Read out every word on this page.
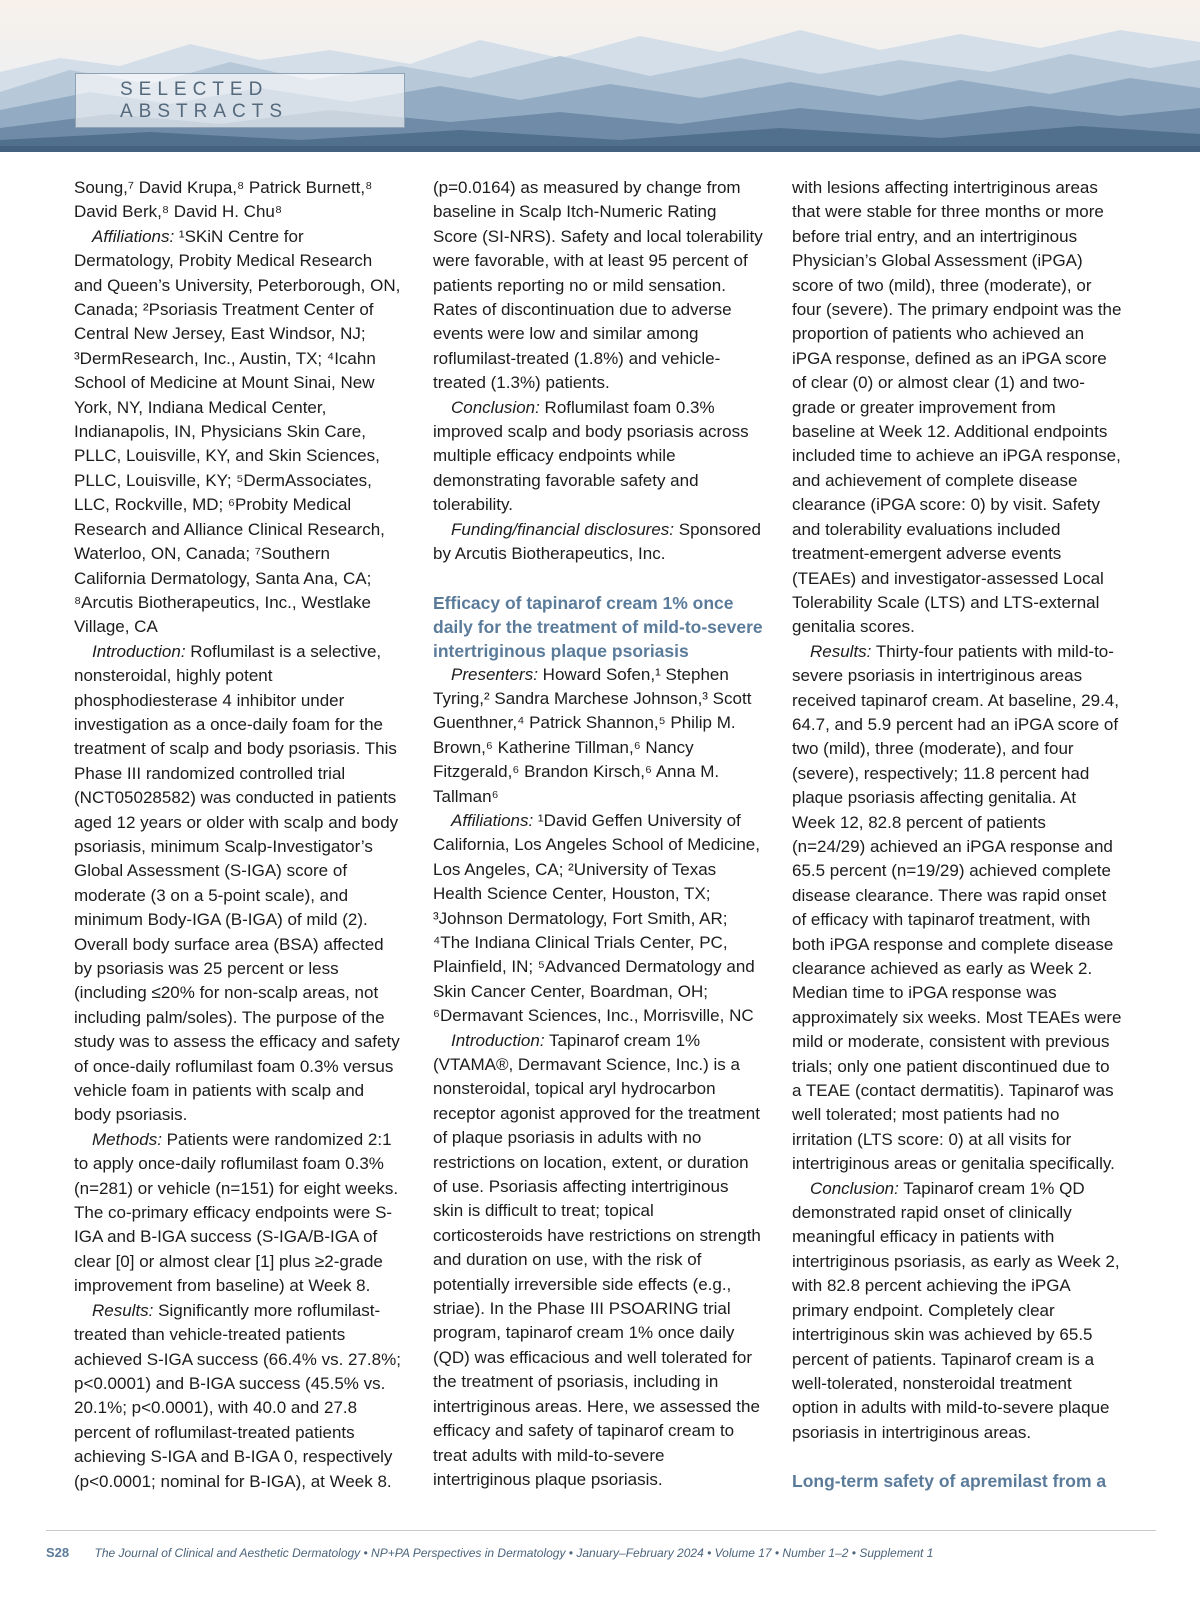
SELECTED ABSTRACTS

Soung,⁷ David Krupa,⁸ Patrick Burnett,⁸ David Berk,⁸ David H. Chu⁸

Affiliations: ¹SKiN Centre for Dermatology, Probity Medical Research and Queen’s University, Peterborough, ON, Canada; ²Psoriasis Treatment Center of Central New Jersey, East Windsor, NJ; ³DermResearch, Inc., Austin, TX; ⁴Icahn School of Medicine at Mount Sinai, New York, NY, Indiana Medical Center, Indianapolis, IN, Physicians Skin Care, PLLC, Louisville, KY, and Skin Sciences, PLLC, Louisville, KY; ⁵DermAssociates, LLC, Rockville, MD; ⁶Probity Medical Research and Alliance Clinical Research, Waterloo, ON, Canada; ⁷Southern California Dermatology, Santa Ana, CA; ⁸Arcutis Biotherapeutics, Inc., Westlake Village, CA

Introduction: Roflumilast is a selective, nonsteroidal, highly potent phosphodiesterase 4 inhibitor under investigation as a once-daily foam for the treatment of scalp and body psoriasis. This Phase III randomized controlled trial (NCT05028582) was conducted in patients aged 12 years or older with scalp and body psoriasis, minimum Scalp-Investigator’s Global Assessment (S-IGA) score of moderate (3 on a 5-point scale), and minimum Body-IGA (B-IGA) of mild (2). Overall body surface area (BSA) affected by psoriasis was 25 percent or less (including ≤20% for non-scalp areas, not including palm/soles). The purpose of the study was to assess the efficacy and safety of once-daily roflumilast foam 0.3% versus vehicle foam in patients with scalp and body psoriasis.

Methods: Patients were randomized 2:1 to apply once-daily roflumilast foam 0.3% (n=281) or vehicle (n=151) for eight weeks. The co-primary efficacy endpoints were S-IGA and B-IGA success (S-IGA/B-IGA of clear [0] or almost clear [1] plus ≥2-grade improvement from baseline) at Week 8.

Results: Significantly more roflumilast-treated than vehicle-treated patients achieved S-IGA success (66.4% vs. 27.8%; p<0.0001) and B-IGA success (45.5% vs. 20.1%; p<0.0001), with 40.0 and 27.8 percent of roflumilast-treated patients achieving S-IGA and B-IGA 0, respectively (p<0.0001; nominal for B-IGA), at Week 8.

(p=0.0164) as measured by change from baseline in Scalp Itch-Numeric Rating Score (SI-NRS). Safety and local tolerability were favorable, with at least 95 percent of patients reporting no or mild sensation. Rates of discontinuation due to adverse events were low and similar among roflumilast-treated (1.8%) and vehicle-treated (1.3%) patients.

Conclusion: Roflumilast foam 0.3% improved scalp and body psoriasis across multiple efficacy endpoints while demonstrating favorable safety and tolerability.

Funding/financial disclosures: Sponsored by Arcutis Biotherapeutics, Inc.

Efficacy of tapinarof cream 1% once daily for the treatment of mild-to-severe intertriginous plaque psoriasis

Presenters: Howard Sofen,¹ Stephen Tyring,² Sandra Marchese Johnson,³ Scott Guenthner,⁴ Patrick Shannon,⁵ Philip M. Brown,⁶ Katherine Tillman,⁶ Nancy Fitzgerald,⁶ Brandon Kirsch,⁶ Anna M. Tallman⁶

Affiliations: ¹David Geffen University of California, Los Angeles School of Medicine, Los Angeles, CA; ²University of Texas Health Science Center, Houston, TX; ³Johnson Dermatology, Fort Smith, AR; ⁴The Indiana Clinical Trials Center, PC, Plainfield, IN; ⁵Advanced Dermatology and Skin Cancer Center, Boardman, OH; ⁶Dermavant Sciences, Inc., Morrisville, NC

Introduction: Tapinarof cream 1% (VTAMA®, Dermavant Science, Inc.) is a nonsteroidal, topical aryl hydrocarbon receptor agonist approved for the treatment of plaque psoriasis in adults with no restrictions on location, extent, or duration of use. Psoriasis affecting intertriginous skin is difficult to treat; topical corticosteroids have restrictions on strength and duration on use, with the risk of potentially irreversible side effects (e.g., striae). In the Phase III PSOARING trial program, tapinarof cream 1% once daily (QD) was efficacious and well tolerated for the treatment of psoriasis, including in intertriginous areas. Here, we assessed the efficacy and safety of tapinarof cream to treat adults with mild-to-severe intertriginous plaque psoriasis.

with lesions affecting intertriginous areas that were stable for three months or more before trial entry, and an intertriginous Physician’s Global Assessment (iPGA) score of two (mild), three (moderate), or four (severe). The primary endpoint was the proportion of patients who achieved an iPGA response, defined as an iPGA score of clear (0) or almost clear (1) and two-grade or greater improvement from baseline at Week 12. Additional endpoints included time to achieve an iPGA response, and achievement of complete disease clearance (iPGA score: 0) by visit. Safety and tolerability evaluations included treatment-emergent adverse events (TEAEs) and investigator-assessed Local Tolerability Scale (LTS) and LTS-external genitalia scores.

Results: Thirty-four patients with mild-to-severe psoriasis in intertriginous areas received tapinarof cream. At baseline, 29.4, 64.7, and 5.9 percent had an iPGA score of two (mild), three (moderate), and four (severe), respectively; 11.8 percent had plaque psoriasis affecting genitalia. At Week 12, 82.8 percent of patients (n=24/29) achieved an iPGA response and 65.5 percent (n=19/29) achieved complete disease clearance. There was rapid onset of efficacy with tapinarof treatment, with both iPGA response and complete disease clearance achieved as early as Week 2. Median time to iPGA response was approximately six weeks. Most TEAEs were mild or moderate, consistent with previous trials; only one patient discontinued due to a TEAE (contact dermatitis). Tapinarof was well tolerated; most patients had no irritation (LTS score: 0) at all visits for intertriginous areas or genitalia specifically.

Conclusion: Tapinarof cream 1% QD demonstrated rapid onset of clinically meaningful efficacy in patients with intertriginous psoriasis, as early as Week 2, with 82.8 percent achieving the iPGA primary endpoint. Completely clear intertriginous skin was achieved by 65.5 percent of patients. Tapinarof cream is a well-tolerated, nonsteroidal treatment option in adults with mild-to-severe plaque psoriasis in intertriginous areas.

Long-term safety of apremilast from a

S28 The Journal of Clinical and Aesthetic Dermatology • NP+PA Perspectives in Dermatology • January–February 2024 • Volume 17 • Number 1–2 • Supplement 1
